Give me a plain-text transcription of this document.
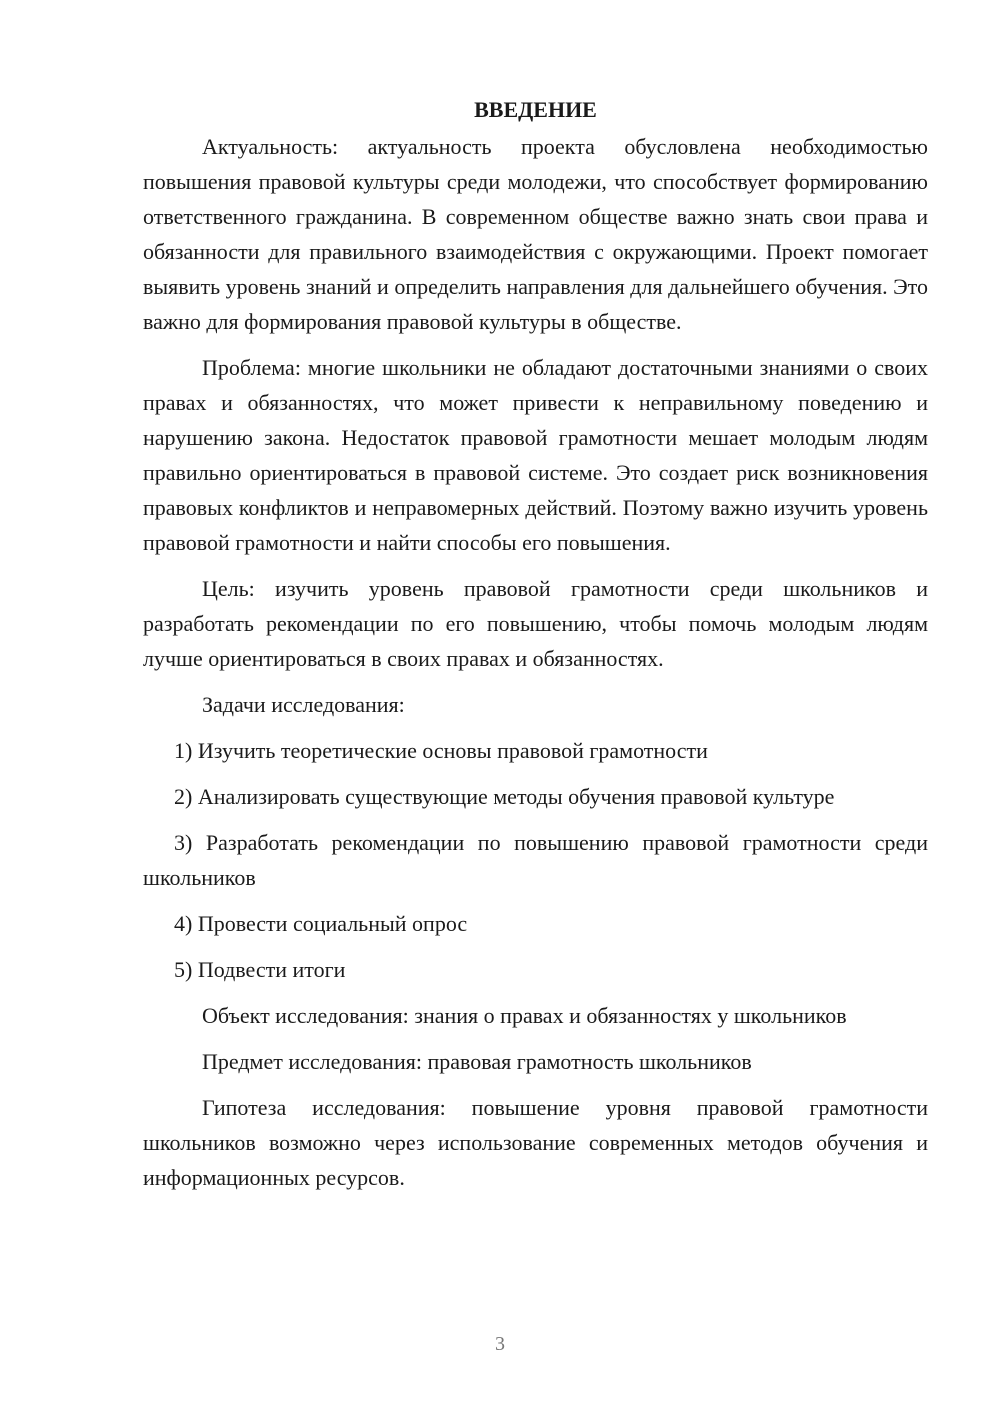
ВВЕДЕНИЕ

Актуальность: актуальность проекта обусловлена необходимостью повышения правовой культуры среди молодежи, что способствует формированию ответственного гражданина. В современном обществе важно знать свои права и обязанности для правильного взаимодействия с окружающими. Проект помогает выявить уровень знаний и определить направления для дальнейшего обучения. Это важно для формирования правовой культуры в обществе.

Проблема: многие школьники не обладают достаточными знаниями о своих правах и обязанностях, что может привести к неправильному поведению и нарушению закона. Недостаток правовой грамотности мешает молодым людям правильно ориентироваться в правовой системе. Это создает риск возникновения правовых конфликтов и неправомерных действий. Поэтому важно изучить уровень правовой грамотности и найти способы его повышения.

Цель: изучить уровень правовой грамотности среди школьников и разработать рекомендации по его повышению, чтобы помочь молодым людям лучше ориентироваться в своих правах и обязанностях.

Задачи исследования:

1) Изучить теоретические основы правовой грамотности

2) Анализировать существующие методы обучения правовой культуре

3) Разработать рекомендации по повышению правовой грамотности среди школьников

4) Провести социальный опрос

5) Подвести итоги

Объект исследования: знания о правах и обязанностях у школьников

Предмет исследования: правовая грамотность школьников

Гипотеза исследования: повышение уровня правовой грамотности школьников возможно через использование современных методов обучения и информационных ресурсов.

3
